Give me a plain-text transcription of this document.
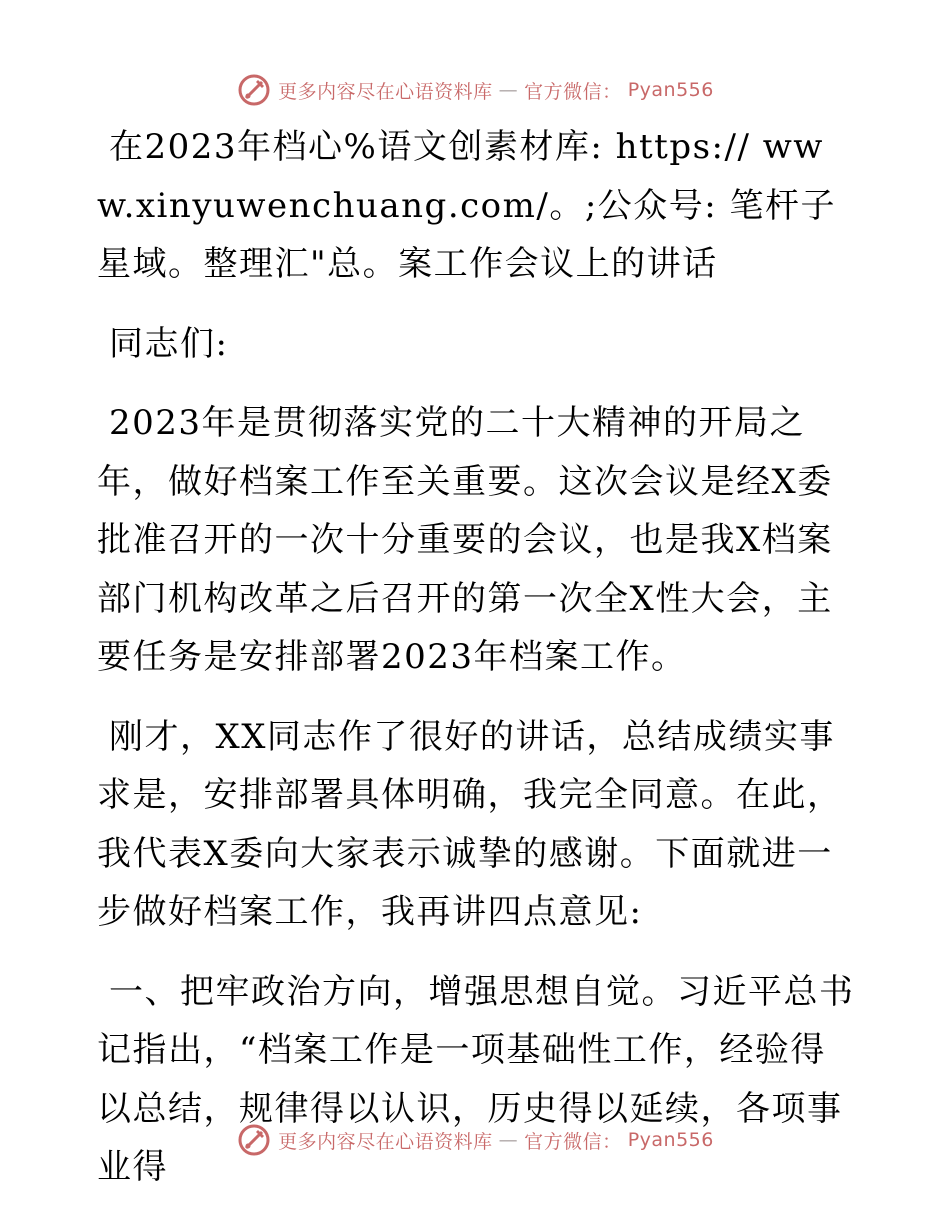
更多内容尽在心语资料库 — 官方微信： Pyan556

在2023年档心%语文创素材库: https:// www.xinyuwenchuang.com/。;公众号: 笔杆子星域。整理汇"总。案工作会议上的讲话

同志们:

2023年是贯彻落实党的二十大精神的开局之年，做好档案工作至关重要。这次会议是经X委批准召开的一次十分重要的会议，也是我X档案部门机构改革之后召开的第一次全X性大会，主要任务是安排部署2023年档案工作。

刚才，XX同志作了很好的讲话，总结成绩实事求是，安排部署具体明确，我完全同意。在此，我代表X委向大家表示诚挚的感谢。下面就进一步做好档案工作，我再讲四点意见:

一、把牢政治方向，增强思想自觉。习近平总书记指出，“档案工作是一项基础性工作，经验得以总结，规律得以认识，历史得以延续，各项事业得

更多内容尽在心语资料库 — 官方微信： Pyan556
